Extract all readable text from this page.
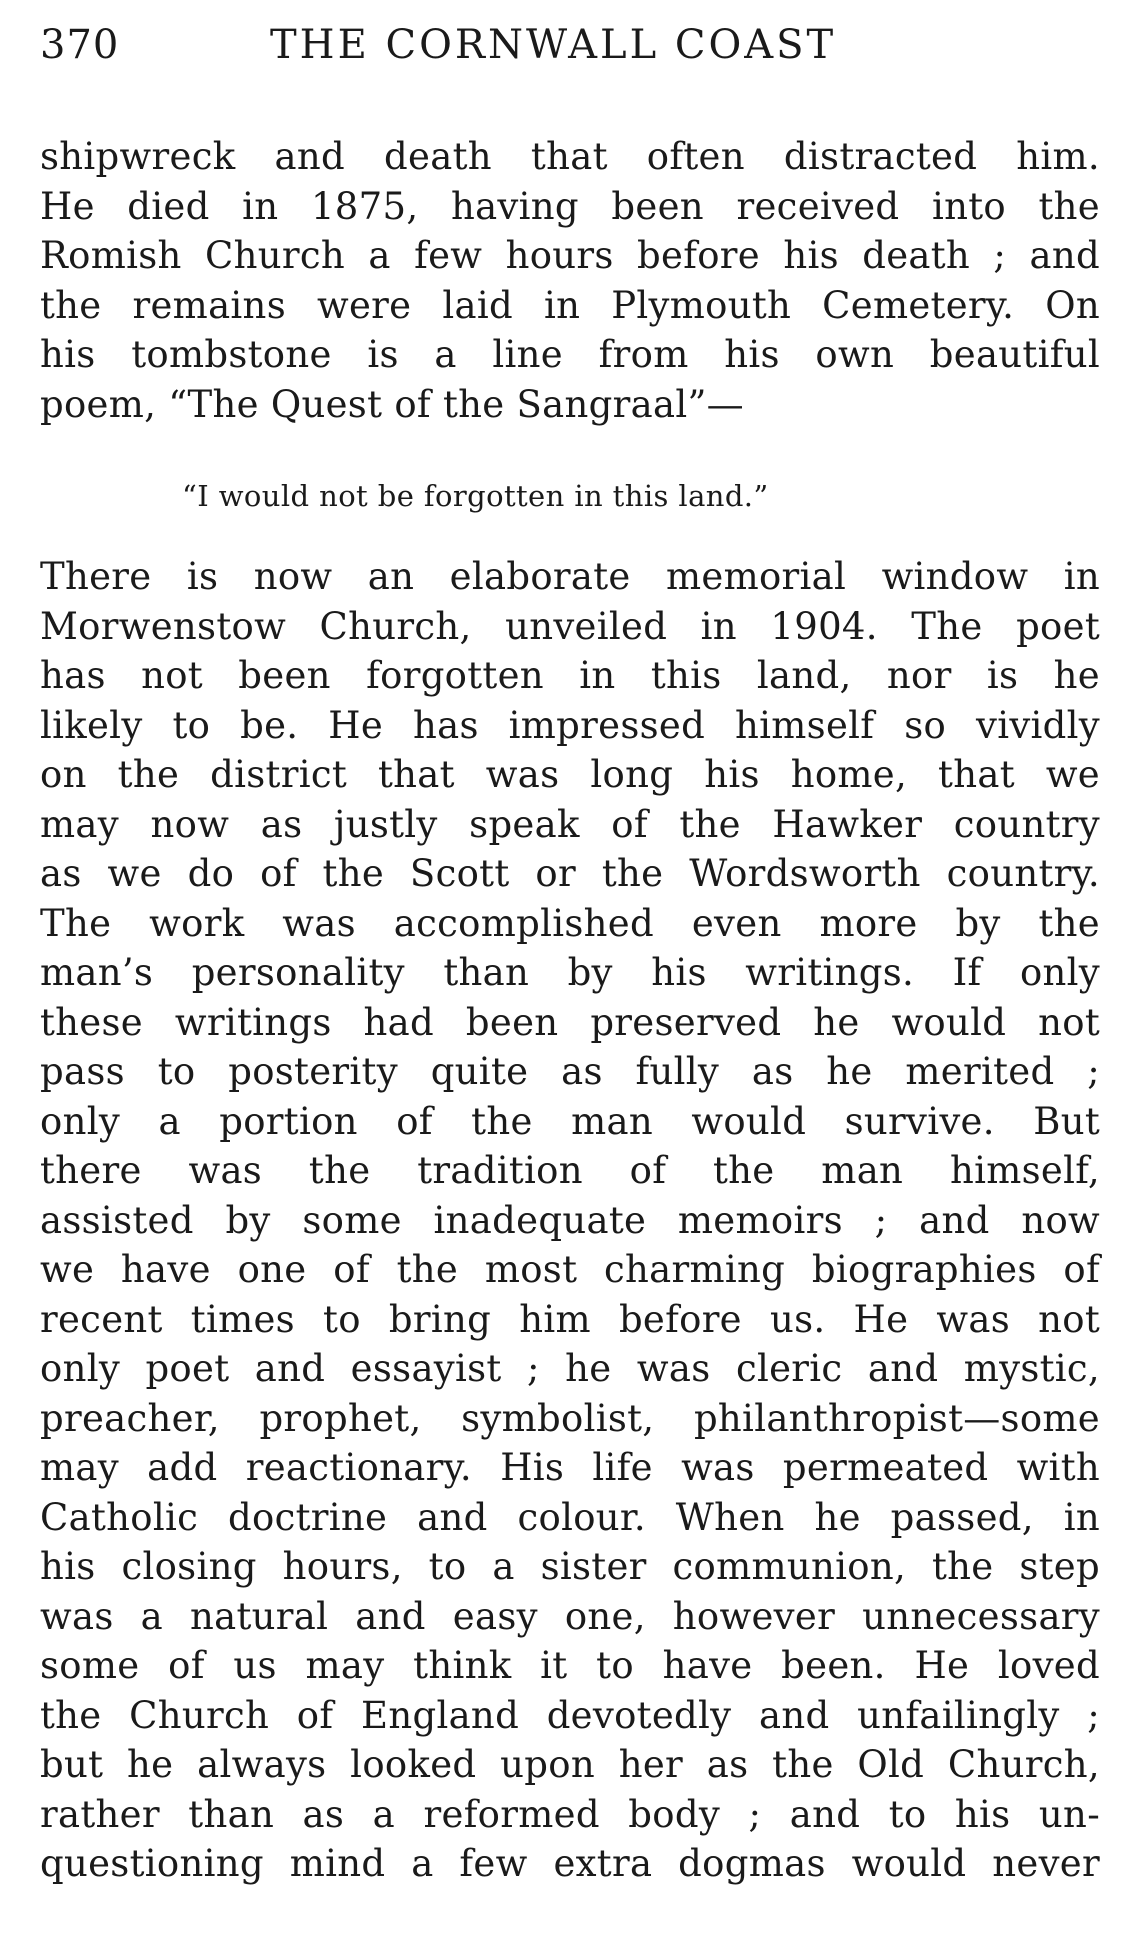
370	THE CORNWALL COAST
shipwreck and death that often distracted him.
He died in 1875, having been received into the
Romish Church a few hours before his death ; and
the remains were laid in Plymouth Cemetery. On
his tombstone is a line from his own beautiful
poem, “The Quest of the Sangraal”—
“I would not be forgotten in this land.”
There is now an elaborate memorial window in
Morwenstow Church, unveiled in 1904. The poet
has not been forgotten in this land, nor is he
likely to be. He has impressed himself so vividly
on the district that was long his home, that we
may now as justly speak of the Hawker country
as we do of the Scott or the Wordsworth country.
The work was accomplished even more by the
man’s personality than by his writings. If only
these writings had been preserved he would not
pass to posterity quite as fully as he merited ;
only a portion of the man would survive. But
there was the tradition of the man himself,
assisted by some inadequate memoirs ; and now
we have one of the most charming biographies of
recent times to bring him before us. He was not
only poet and essayist ; he was cleric and mystic,
preacher, prophet, symbolist, philanthropist—some
may add reactionary. His life was permeated with
Catholic doctrine and colour. When he passed, in
his closing hours, to a sister communion, the step
was a natural and easy one, however unnecessary
some of us may think it to have been. He loved
the Church of England devotedly and unfailingly ;
but he always looked upon her as the Old Church,
rather than as a reformed body ; and to his un-
questioning mind a few extra dogmas would never
